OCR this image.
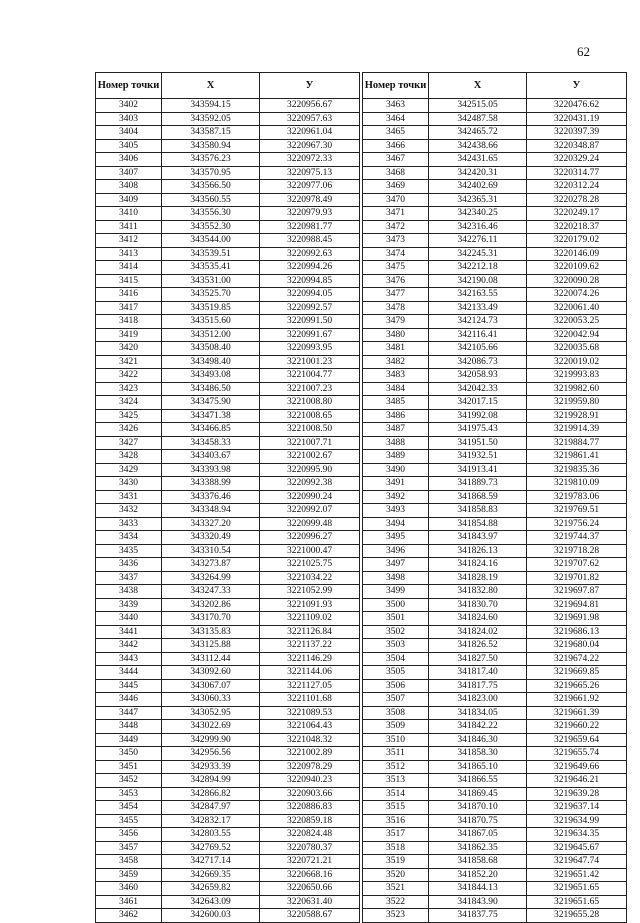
62
Номер точки	X	У
3402	343594.15	3220956.67
3403	343592.05	3220957.63
3404	343587.15	3220961.04
3405	343580.94	3220967.30
3406	343576.23	3220972.33
3407	343570.95	3220975.13
3408	343566.50	3220977.06
3409	343560.55	3220978.49
3410	343556.30	3220979.93
3411	343552.30	3220981.77
3412	343544.00	3220988.45
3413	343539.51	3220992.63
3414	343535.41	3220994.26
3415	343531.00	3220994.85
3416	343525.70	3220994.05
3417	343519.85	3220992.57
3418	343515.60	3220991.50
3419	343512.00	3220991.67
3420	343508.40	3220993.95
3421	343498.40	3221001.23
3422	343493.08	3221004.77
3423	343486.50	3221007.23
3424	343475.90	3221008.80
3425	343471.38	3221008.65
3426	343466.85	3221008.50
3427	343458.33	3221007.71
3428	343403.67	3221002.67
3429	343393.98	3220995.90
3430	343388.99	3220992.38
3431	343376.46	3220990.24
3432	343348.94	3220992.07
3433	343327.20	3220999.48
3434	343320.49	3220996.27
3435	343310.54	3221000.47
3436	343273.87	3221025.75
3437	343264.99	3221034.22
3438	343247.33	3221052.99
3439	343202.86	3221091.93
3440	343170.70	3221109.02
3441	343135.83	3221126.84
3442	343125.88	3221137.22
3443	343112.44	3221146.29
3444	343092.60	3221144.06
3445	343067.07	3221127.05
3446	343060.33	3221101.68
3447	343052.95	3221089.53
3448	343022.69	3221064.43
3449	342999.90	3221048.32
3450	342956.56	3221002.89
3451	342933.39	3220978.29
3452	342894.99	3220940.23
3453	342866.82	3220903.66
3454	342847.97	3220886.83
3455	342832.17	3220859.18
3456	342803.55	3220824.48
3457	342769.52	3220780.37
3458	342717.14	3220721.21
3459	342669.35	3220668.16
3460	342659.82	3220650.66
3461	342643.09	3220631.40
3462	342600.03	3220588.67
Номер точки	X	У
3463	342515.05	3220476.62
3464	342487.58	3220431.19
3465	342465.72	3220397.39
3466	342438.66	3220348.87
3467	342431.65	3220329.24
3468	342420.31	3220314.77
3469	342402.69	3220312.24
3470	342365.31	3220278.28
3471	342340.25	3220249.17
3472	342316.46	3220218.37
3473	342276.11	3220179.02
3474	342245.31	3220146.09
3475	342212.18	3220109.62
3476	342190.08	3220090.28
3477	342163.55	3220074.26
3478	342133.49	3220061.40
3479	342124.73	3220053.25
3480	342116.41	3220042.94
3481	342105.66	3220035.68
3482	342086.73	3220019.02
3483	342058.93	3219993.83
3484	342042.33	3219982.60
3485	342017.15	3219959.80
3486	341992.08	3219928.91
3487	341975.43	3219914.39
3488	341951.50	3219884.77
3489	341932.51	3219861.41
3490	341913.41	3219835.36
3491	341889.73	3219810.09
3492	341868.59	3219783.06
3493	341858.83	3219769.51
3494	341854.88	3219756.24
3495	341843.97	3219744.37
3496	341826.13	3219718.28
3497	341824.16	3219707.62
3498	341828.19	3219701.82
3499	341832.80	3219697.87
3500	341830.70	3219694.81
3501	341824.60	3219691.98
3502	341824.02	3219686.13
3503	341826.52	3219680.04
3504	341827.50	3219674.22
3505	341817.40	3219669.85
3506	341817.75	3219665.26
3507	341823.00	3219661.92
3508	341834.05	3219661.39
3509	341842.22	3219660.22
3510	341846.30	3219659.64
3511	341858.30	3219655.74
3512	341865.10	3219649.66
3513	341866.55	3219646.21
3514	341869.45	3219639.28
3515	341870.10	3219637.14
3516	341870.75	3219634.99
3517	341867.05	3219634.35
3518	341862.35	3219645.67
3519	341858.68	3219647.74
3520	341852.20	3219651.42
3521	341844.13	3219651.65
3522	341843.90	3219651.65
3523	341837.75	3219655.28
